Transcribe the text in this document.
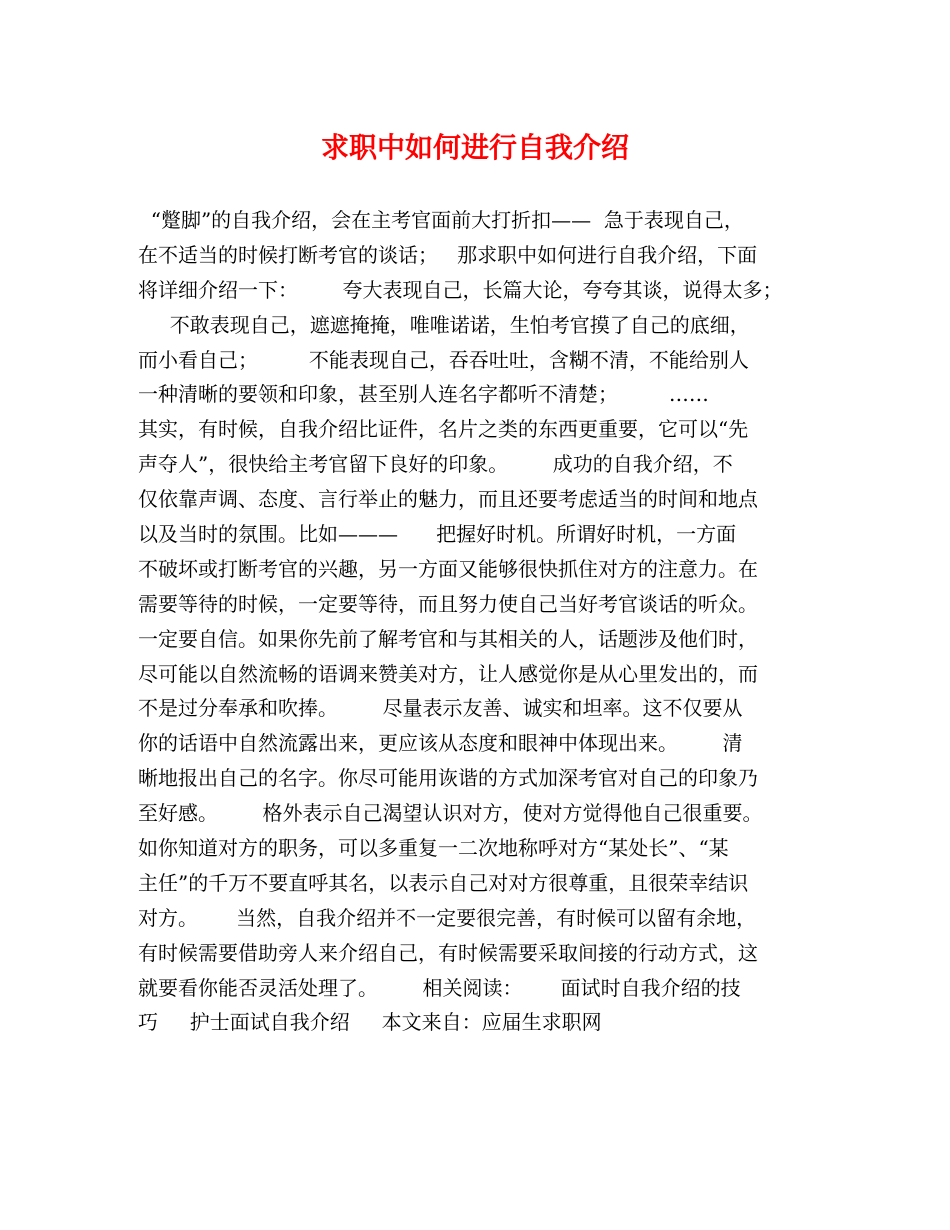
求职中如何进行自我介绍
“蹩脚”的自我介绍，会在主考官面前大打折扣——  急于表现自己，
在不适当的时候打断考官的谈话；   那求职中如何进行自我介绍，下面
将详细介绍一下：       夸大表现自己，长篇大论，夸夸其谈，说得太多；
不敢表现自己，遮遮掩掩，唯唯诺诺，生怕考官摸了自己的底细，
而小看自己；        不能表现自己，吞吞吐吐，含糊不清，不能给别人
一种清晰的要领和印象，甚至别人连名字都听不清楚；        ……
其实，有时候，自我介绍比证件，名片之类的东西更重要，它可以“先
声夺人”，很快给主考官留下良好的印象。       成功的自我介绍，不
仅依靠声调、态度、言行举止的魅力，而且还要考虑适当的时间和地点
以及当时的氛围。比如———      把握好时机。所谓好时机，一方面
不破坏或打断考官的兴趣，另一方面又能够很快抓住对方的注意力。在
需要等待的时候，一定要等待，而且努力使自己当好考官谈话的听众。
一定要自信。如果你先前了解考官和与其相关的人，话题涉及他们时，
尽可能以自然流畅的语调来赞美对方，让人感觉你是从心里发出的，而
不是过分奉承和吹捧。       尽量表示友善、诚实和坦率。这不仅要从
你的话语中自然流露出来，更应该从态度和眼神中体现出来。       清
晰地报出自己的名字。你尽可能用诙谐的方式加深考官对自己的印象乃
至好感。       格外表示自己渴望认识对方，使对方觉得他自己很重要。
如你知道对方的职务，可以多重复一二次地称呼对方“某处长”、“某
主任”的千万不要直呼其名，以表示自己对对方很尊重，且很荣幸结识
对方。      当然，自我介绍并不一定要很完善，有时候可以留有余地，
有时候需要借助旁人来介绍自己，有时候需要采取间接的行动方式，这
就要看你能否灵活处理了。       相关阅读：      面试时自我介绍的技
巧     护士面试自我介绍     本文来自：应届生求职网
